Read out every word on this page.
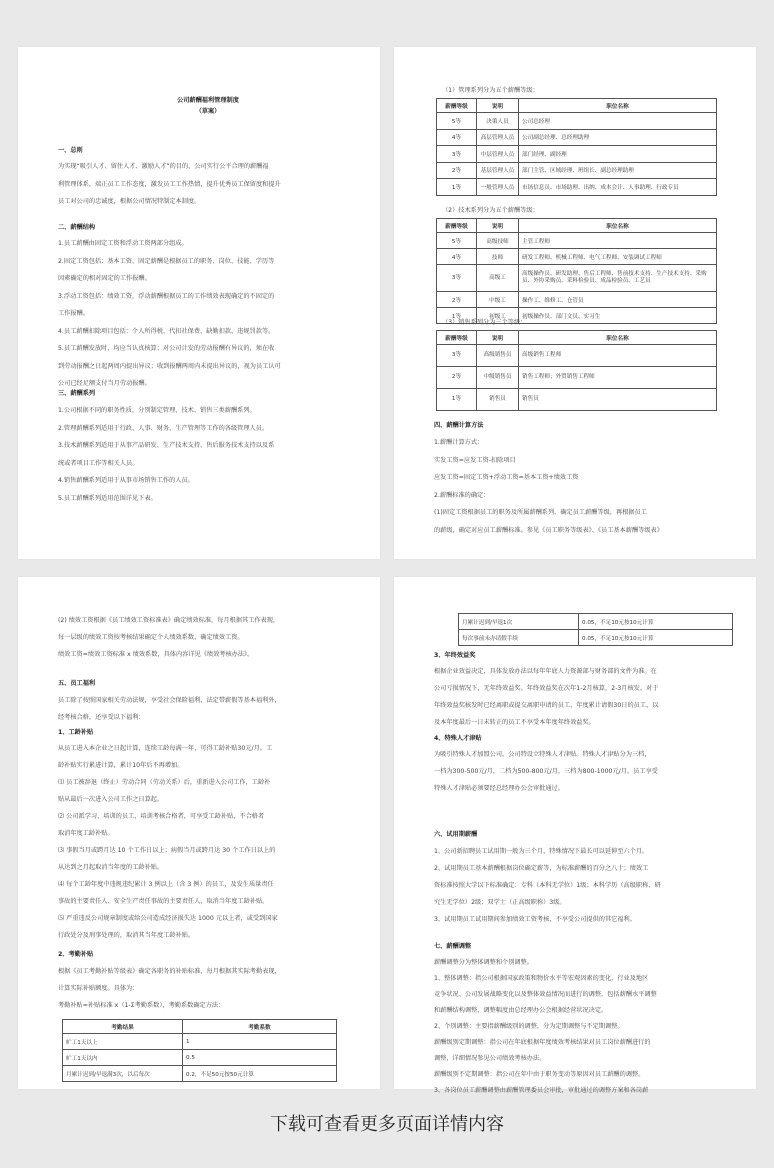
公司薪酬福利管理制度
（草案）
一、总则
为实现“吸引人才、留住人才、激励人才”的目的，公司实行公平合理的薪酬福
利管理体系，端正员工工作态度，激发员工工作热情，提升优秀员工保留度和提升
员工对公司的忠诚度，根据公司情况特制定本制度。
二、薪酬结构
1.员工薪酬由固定工资和浮动工资两部分组成。
2.固定工资包括：基本工资、固定薪酬是根据员工的职务、岗位、技能、学历等
因素确定的相对固定的工作报酬。
3.浮动工资包括：绩效工资，浮动薪酬根据员工的工作绩效表现确定的不固定的
工作报酬。
4.员工薪酬扣除项目包括：个人所得税、代扣社保费、缺勤扣款、违规罚款等。
5.员工薪酬发放时，均应当认真核算；对公司计发的劳动报酬有异议的，须在收
到劳动报酬之日起两周内提出异议；收到报酬两周内未提出异议的，视为员工认可
公司已经足额支付当月劳动报酬。
三、薪酬系列
1.公司根据不同的职务性质，分别制定管理、技术、销售三类薪酬系列。
2.管理薪酬系列适用于行政、人事、财务、生产管理等工作的各级管理人员。
3.技术薪酬系列适用于从事产品研发、生产技术支持、售后服务技术支持以及系
统或者项目工作等相关人员。
4.销售薪酬系列适用于从事市场销售工作的人员。
5.员工薪酬系列适用范围详见下表。
（1）管理系列分为五个薪酬等级：
薪酬等级	说明	职位名称
5等	决策人员	公司总经理
4等	高层管理人员	公司副总经理、总经理助理
3等	中层管理人员	部门经理、副经理
2等	基层管理人员	部门主管、区域经理、班组长、副总经理助理
1等	一般管理人员	市场信息员、市场助理、出纳、成本会计、人事助理、行政专员
（2）技术系列分为五个薪酬等级：
薪酬等级	说明	职位名称
5等	高级技师	主管工程师
4等	技师	研发工程师、机械工程师、电气工程师、安装调试工程师
3等	高级工	高级操作员、研发助理、售后工程师、售前技术支持、生产技术支持、采购员、外协采购员、采料检验员、成品检验员、工艺员
2等	中级工	操作工、维修工、仓管员
1等	初级工	初级操作员、部门文员、实习生
（3）销售系列分为三个等级：
薪酬等级	说明	职位名称
3等	高级销售员	高级销售工程师
2等	中级销售员	销售工程师；外贸销售工程师
1等	销售员	销售员
四、薪酬计算方法
1.薪酬计算方式：
实发工资=应发工资-扣除项目
应发工资=固定工资+浮动工资=基本工资+绩效工资
2.薪酬标准的确定：
(1)固定工资根据员工的职务及所属薪酬系列，确定员工薪酬等级，再根据员工
的薪级，确定对应员工薪酬标准。参见《员工职务等级表》、《员工基本薪酬等级表》
(2) 绩效工资根据《员工绩效工资标准表》确定绩效标准，每月根据其工作表现，
每一层级的绩效工资按考核结果确定个人绩效系数，确定绩效工资。
绩效工资=绩效工资标准 x 绩效系数，具体内容详见《绩效考核办法》。
五、员工福利
员工除了按照国家相关劳动法规，享受社会保险福利、法定带薪假等基本福利外，
经考核合格，还享受以下福利：
1、工龄补贴
从员工进入本企业之日起计算，连续工龄每满一年，可得工龄补贴30元/月。工
龄补贴实行累进计算，累计10年后不再增加。
⑴ 员工被辞退（终止）劳动合同（劳动关系）后，重新进入公司工作，工龄补
贴从最后一次进入公司工作之日算起。
⑵ 公司派学习、培训的员工，培训考核合格者，可享受工龄补贴，不合格者
取消年度工龄补贴。
⑶ 事假当月或跨月达 10 个工作日以上；病假当月或跨月达 30 个工作日以上的
从达到之月起取消当年度的工龄补贴。
⑷ 每个工龄年度中违规违纪累计 3 例以上（含 3 例）的员工，及发生质量责任
事故的主要责任人、安全生产责任事故的主要责任人，取消当年度工龄补贴。
⑸ 严重违反公司规章制度或给公司造成经济损失达 1000 元以上者，或受到国家
行政处分及刑事处理的，取消其当年度工龄补贴。
2、考勤补贴
根据《员工考勤补贴等级表》确定各职务的补贴标准，每月根据其实际考勤表现，
计算实际补贴额度。具体为：
考勤补贴=补贴标准 x（1-Σ考勤系数），考勤系数确定方法：
考勤结果	考勤系数
旷工1天以上	1
旷工1天以内	0.5
月累计迟到/早退满3次，以后每次	0.2，不足50元按50元计算
月累计迟到/早退1次	0.05，不足10元按10元计算
每次事前未办请假手续	0.05，不足10元按10元计算
3、年终效益奖
根据企业效益决定，具体发放办法以每年年底人力资源部与财务部的文件为准。在
公司亏损情况下，无年终效益奖。年终效益奖在次年1-2月核算，2-3月核发。对于
年终效益奖核发时已经离职或提交离职申请的员工、年度累计请假30日的员工、以
及本年度最后一日未转正的员工不享受本年度年终效益奖。
4、特殊人才津贴
为吸引特殊人才加盟公司，公司特设立特殊人才津贴。特殊人才津贴分为三档，
一档为300-500元/月，二档为500-800元/月，三档为800-1000元/月。员工享受
特殊人才津贴必须要经总经理办公会审批通过。
六、试用期薪酬
1、公司新招聘员工试用期一般为三个月，特殊情况下最长可以延伸至六个月。
2、试用期员工基本薪酬根据岗位确定薪等，为标准薪酬的百分之八十；绩效工
资标准按照大学以下标准确定：专科（本科无学位）1级；本科学历（高级职称、研
究生无学位）2级；双学士（正高级职称）3级。
3、试用期员工试用期间参加绩效工资考核，不享受公司提供的其它福利。
七、薪酬调整
薪酬调整分为整体调整和个别调整。
1、整体调整：指公司根据国家政策和物价水平等宏观因素的变化、行业及地区
竞争状况、公司发展战略变化以及整体效益情况而进行的调整，包括薪酬水平调整
和薪酬结构调整，调整幅度由总经理办公会根据经营状况决定。
2、个别调整：主要指薪酬级别的调整，分为定期调整与不定期调整。
薪酬级别定期调整：指公司在年底根据年度绩效考核结果对员工岗位薪酬进行的
调整，详细情况参见公司绩效考核办法。
薪酬级别不定期调整：指公司在年中由于职务变动等原因对员工薪酬的调整。
3、各岗位员工薪酬调整由薪酬管理委员会审批，审批通过的调整方案和各岗薪
下载可查看更多页面详情内容
